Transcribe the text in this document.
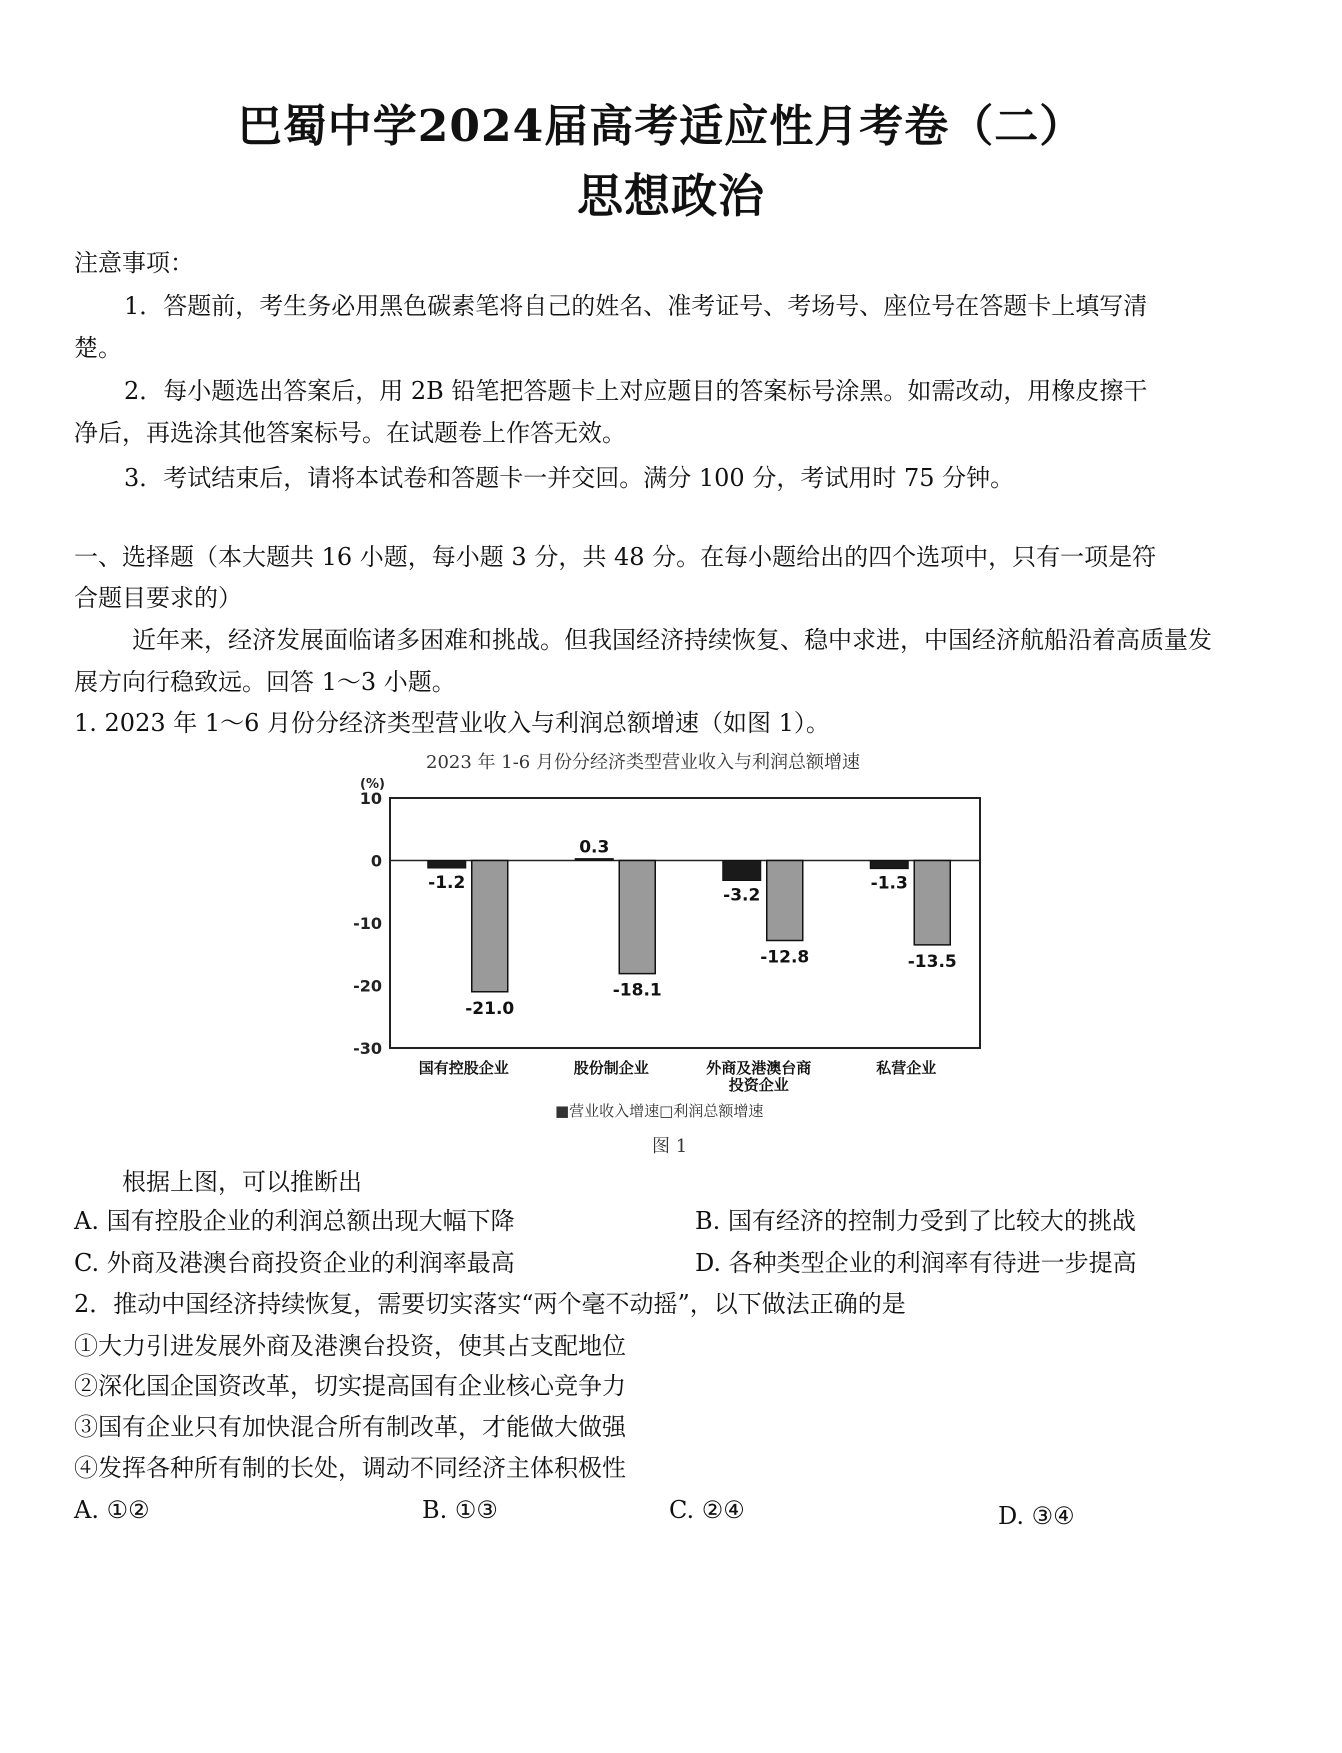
巴蜀中学2024届高考适应性月考卷（二）
思想政治
注意事项：
1．答题前，考生务必用黑色碳素笔将自己的姓名、准考证号、考场号、座位号在答题卡上填写清
楚。
2．每小题选出答案后，用 2B 铅笔把答题卡上对应题目的答案标号涂黑。如需改动，用橡皮擦干
净后，再选涂其他答案标号。在试题卷上作答无效。
3．考试结束后，请将本试卷和答题卡一并交回。满分 100 分，考试用时 75 分钟。
一、选择题（本大题共 16 小题，每小题 3 分，共 48 分。在每小题给出的四个选项中，只有一项是符
合题目要求的）
近年来，经济发展面临诸多困难和挑战。但我国经济持续恢复、稳中求进，中国经济航船沿着高质量发
展方向行稳致远。回答 1～3 小题。
1. 2023 年 1～6 月份分经济类型营业收入与利润总额增速（如图 1）。
2023 年 1-6 月份分经济类型营业收入与利润总额增速
(%)
10
0
-10
-20
-30
-1.2
-21.0
国有控股企业
0.3
-18.1
股份制企业
-3.2
-12.8
外商及港澳台商
投资企业
-1.3
-13.5
私营企业
■营业收入增速□利润总额增速
图 1
根据上图，可以推断出
A. 国有控股企业的利润总额出现大幅下降	B. 国有经济的控制力受到了比较大的挑战
C. 外商及港澳台商投资企业的利润率最高	D. 各种类型企业的利润率有待进一步提高
2．推动中国经济持续恢复，需要切实落实“两个毫不动摇”，以下做法正确的是
①大力引进发展外商及港澳台投资，使其占支配地位
②深化国企国资改革，切实提高国有企业核心竞争力
③国有企业只有加快混合所有制改革，才能做大做强
④发挥各种所有制的长处，调动不同经济主体积极性
A. ①②	B. ①③	C. ②④	D. ③④
